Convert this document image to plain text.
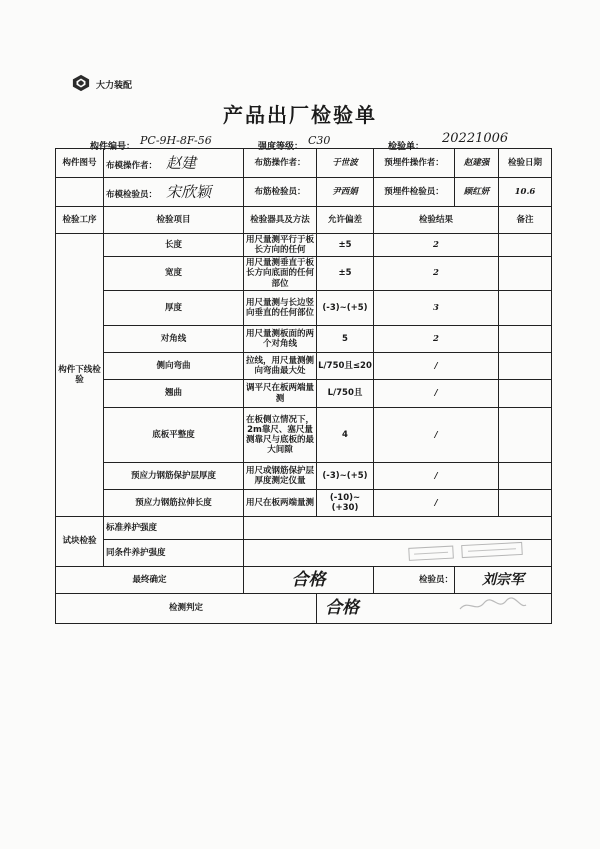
大力装配
产品出厂检验单
构件编号： PC-9H-8F-56	强度等级： C30	检验单：
20221006
构件图号	布模操作者： 赵建	布筋操作者：	于世波	预埋件操作者：	赵建强	检验日期
	布模检验员： 宋欣颖	布筋检验员：	尹西娟	预埋件检验员：	顾红妍	10.6
检验工序	检验项目	检验器具及方法	允许偏差	检验结果		备注
构件下线检验	长度	用尺量测平行于板长方向的任何	±5	2		
	宽度	用尺量测垂直于板长方向底面的任何部位	±5	2		
	厚度	用尺量测与长边竖向垂直的任何部位	(-3)~(+5)	3		
	对角线	用尺量测板面的两个对角线	5	2		
	侧向弯曲	拉线，用尺量测侧向弯曲最大处	L/750且≤20	/		
	翘曲	调平尺在板两端量测	L/750且	/		
	底板平整度	在板侧立情况下，2m靠尺、塞尺量测靠尺与底板的最大间隙	4	/		
	预应力钢筋保护层厚度	用尺或钢筋保护层厚度测定仪量	(-3)~(+5)	/		
	预应力钢筋拉伸长度	用尺在板两端量测	(-10)~(+30)	/		
试块检验	标准养护强度					
	同条件养护强度					
最终确定		合格		检验员：	刘宗军	
检测判定			合格			
